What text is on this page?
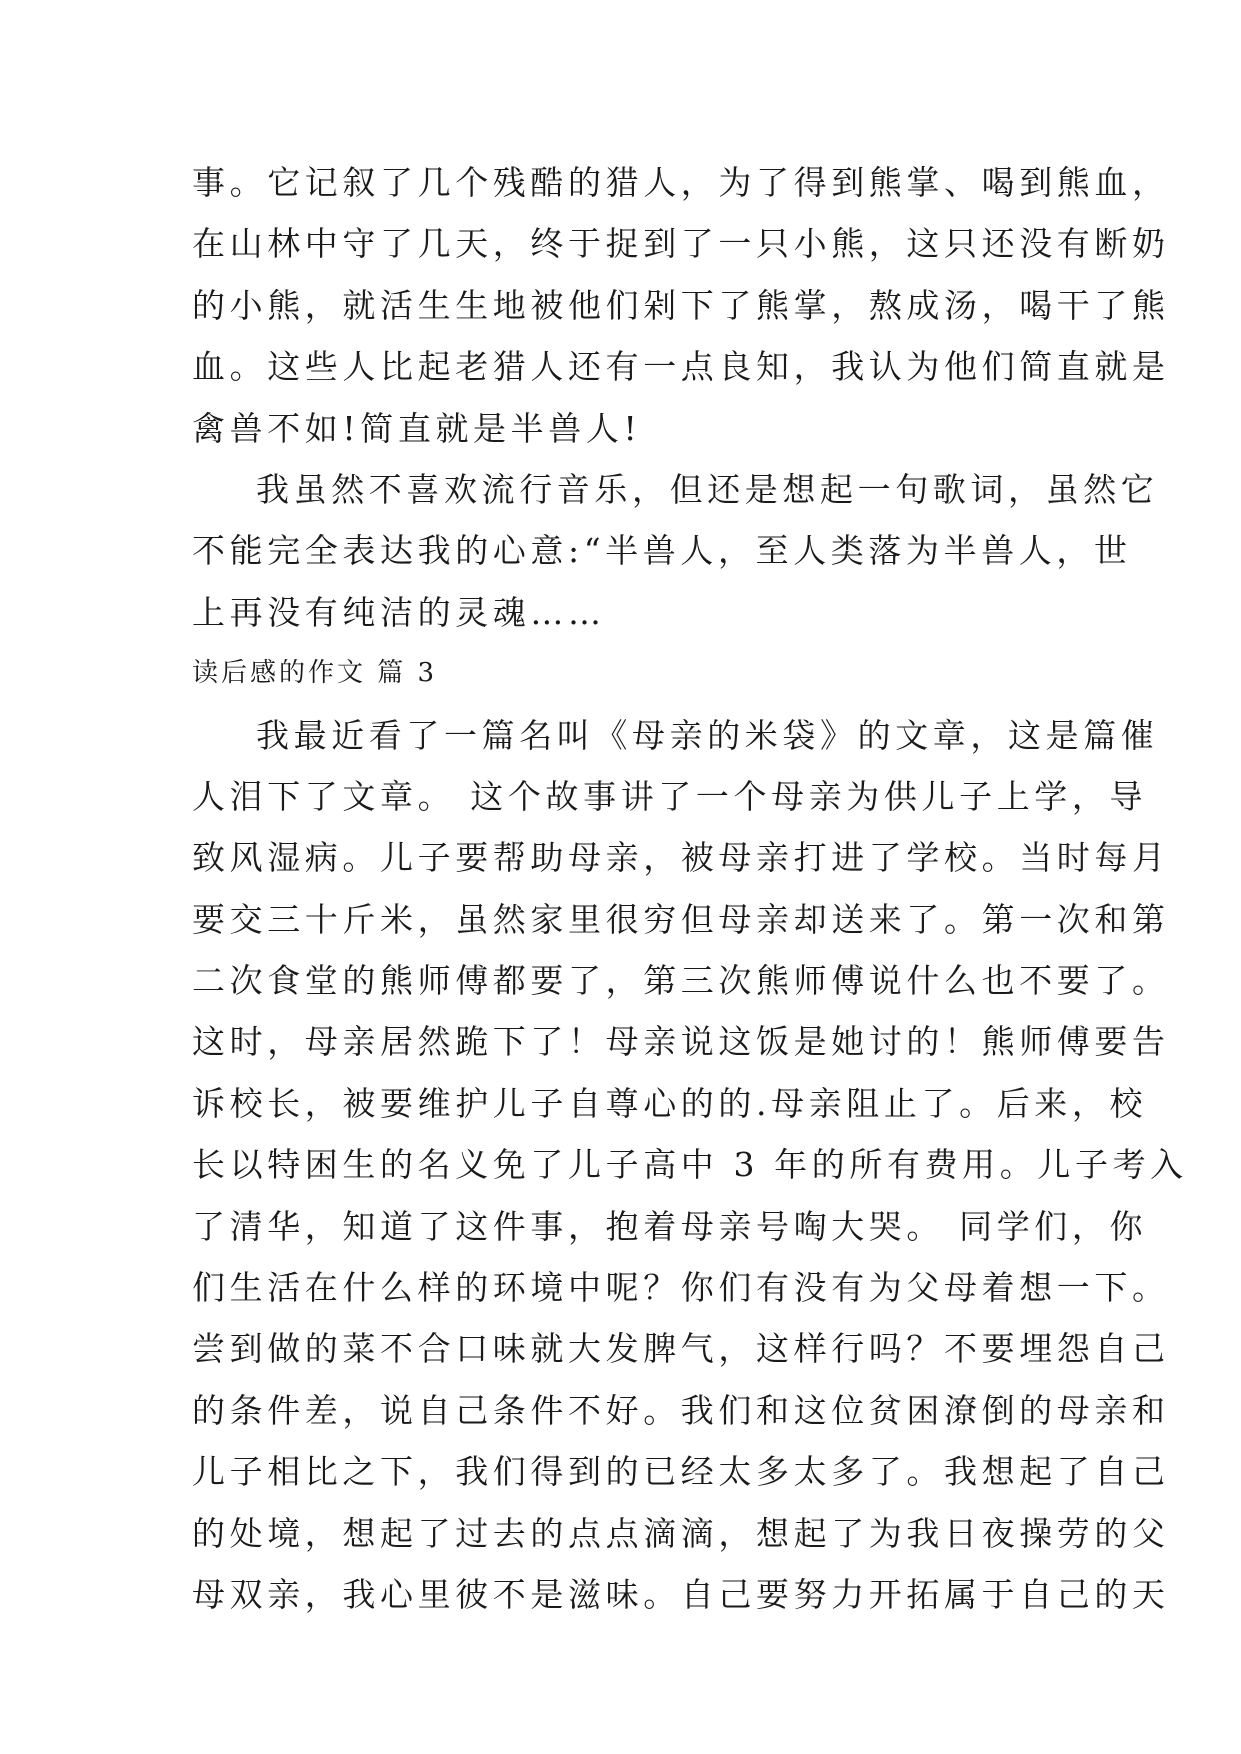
事。它记叙了几个残酷的猎人，为了得到熊掌、喝到熊血，
在山林中守了几天，终于捉到了一只小熊，这只还没有断奶
的小熊，就活生生地被他们剁下了熊掌，熬成汤，喝干了熊
血。这些人比起老猎人还有一点良知，我认为他们简直就是
禽兽不如!简直就是半兽人!
我虽然不喜欢流行音乐，但还是想起一句歌词，虽然它
不能完全表达我的心意:“半兽人，至人类落为半兽人，世
上再没有纯洁的灵魂……
读后感的作文 篇 3
我最近看了一篇名叫《母亲的米袋》的文章，这是篇催
人泪下了文章。 这个故事讲了一个母亲为供儿子上学，导
致风湿病。儿子要帮助母亲，被母亲打进了学校。当时每月
要交三十斤米，虽然家里很穷但母亲却送来了。第一次和第
二次食堂的熊师傅都要了，第三次熊师傅说什么也不要了。
这时，母亲居然跪下了！母亲说这饭是她讨的！熊师傅要告
诉校长，被要维护儿子自尊心的的.母亲阻止了。后来，校
长以特困生的名义免了儿子高中 3 年的所有费用。儿子考入
了清华，知道了这件事，抱着母亲号啕大哭。 同学们，你
们生活在什么样的环境中呢？你们有没有为父母着想一下。
尝到做的菜不合口味就大发脾气，这样行吗？不要埋怨自己
的条件差，说自己条件不好。我们和这位贫困潦倒的母亲和
儿子相比之下，我们得到的已经太多太多了。我想起了自己
的处境，想起了过去的点点滴滴，想起了为我日夜操劳的父
母双亲，我心里彼不是滋味。自己要努力开拓属于自己的天
